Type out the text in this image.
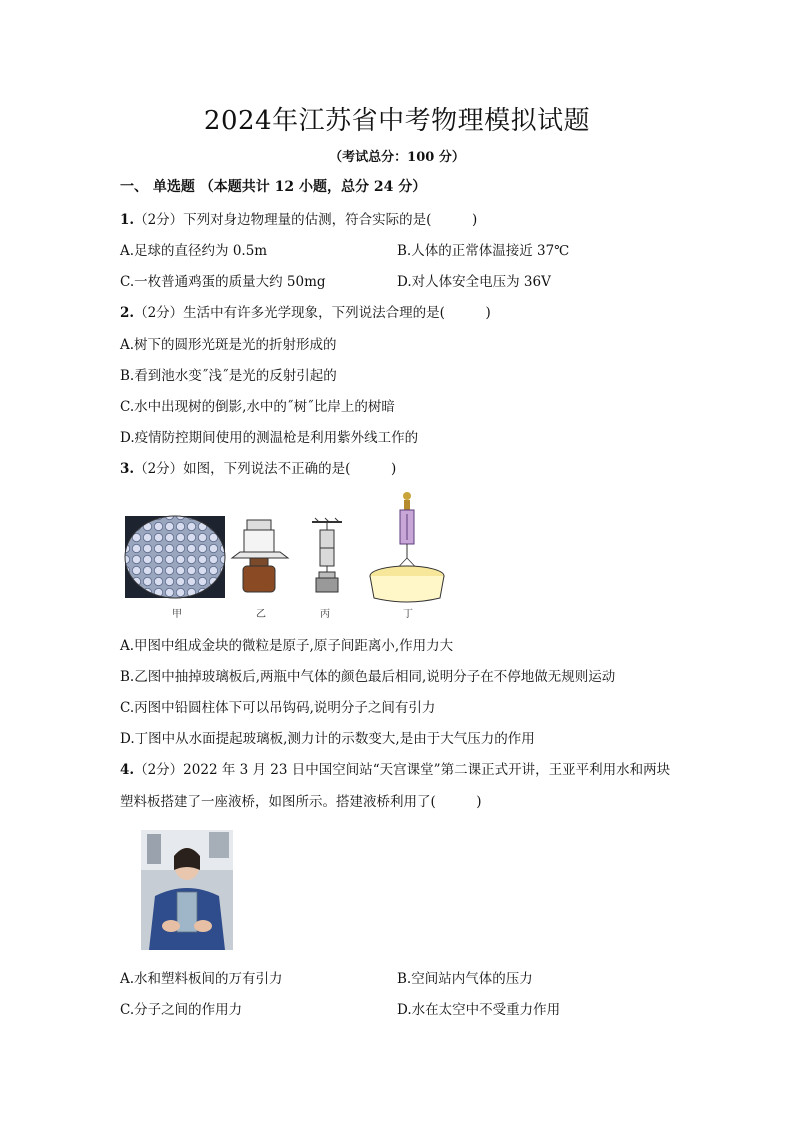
2024年江苏省中考物理模拟试题
（考试总分：100 分）
一、 单选题 （本题共计 12 小题，总分 24 分）
1.（2分）下列对身边物理量的估测，符合实际的是(　　　)
A.足球的直径约为 0.5m	B.人体的正常体温接近 37℃
C.一枚普通鸡蛋的质量大约 50mg	D.对人体安全电压为 36V
2.（2分）生活中有许多光学现象，下列说法合理的是(　　　)
A.树下的圆形光斑是光的折射形成的
B.看到池水变˝浅˝是光的反射引起的
C.水中出现树的倒影,水中的˝树˝比岸上的树暗
D.疫情防控期间使用的测温枪是利用紫外线工作的
3.（2分）如图，下列说法不正确的是(　　　)
甲	乙	丙	丁
A.甲图中组成金块的微粒是原子,原子间距离小,作用力大
B.乙图中抽掉玻璃板后,两瓶中气体的颜色最后相同,说明分子在不停地做无规则运动
C.丙图中铅圆柱体下可以吊钩码,说明分子之间有引力
D.丁图中从水面提起玻璃板,测力计的示数变大,是由于大气压力的作用
4.（2分）2022 年 3 月 23 日中国空间站“天宫课堂”第二课正式开讲，王亚平利用水和两块
塑料板搭建了一座液桥，如图所示。搭建液桥利用了(　　　)
A.水和塑料板间的万有引力	B.空间站内气体的压力
C.分子之间的作用力	D.水在太空中不受重力作用
